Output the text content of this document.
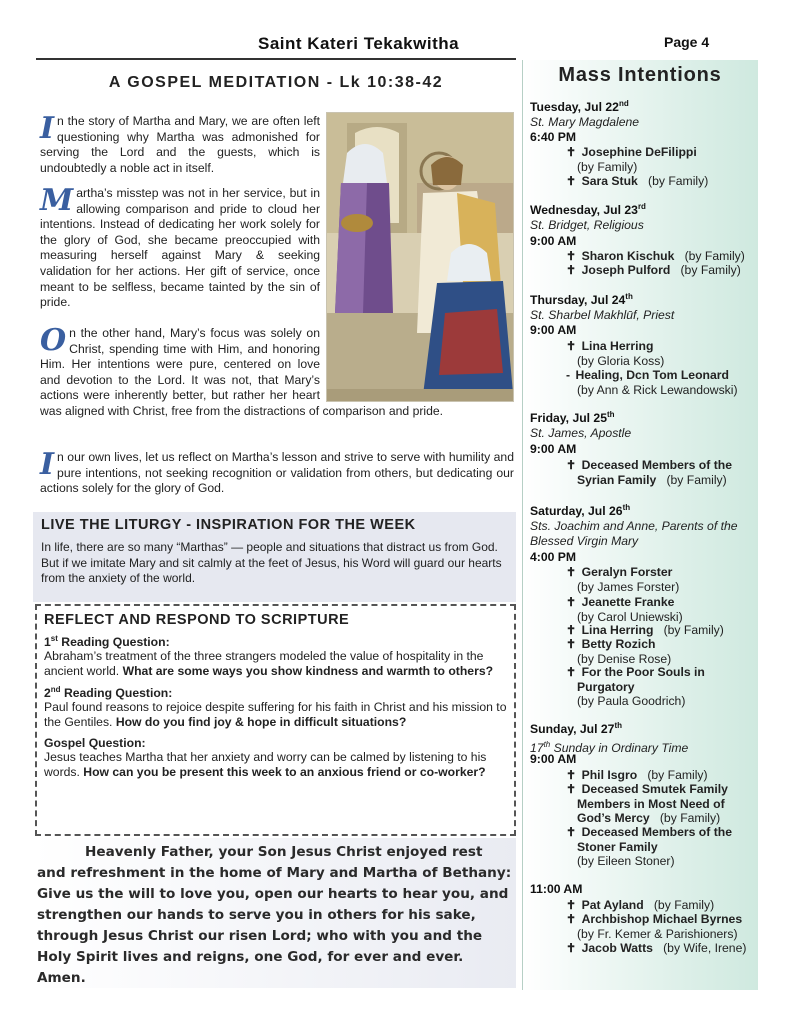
Saint Kateri Tekakwitha	Page 4
A GOSPEL MEDITATION - Lk 10:38-42
In the story of Martha and Mary, we are often left questioning why Martha was admonished for serving the Lord and the guests, which is undoubtedly a noble act in itself.
Martha’s misstep was not in her service, but in allowing comparison and pride to cloud her intentions. Instead of dedicating her work solely for the glory of God, she became preoccupied with measuring herself against Mary & seeking validation for her actions. Her gift of service, once meant to be selfless, became tainted by the sin of pride.
On the other hand, Mary’s focus was solely on Christ, spending time with Him, and honoring Him. Her intentions were pure, centered on love and devotion to the Lord. It was not, that Mary’s actions were inherently better, but rather her heart was aligned with Christ, free from the distractions of comparison and pride.
In our own lives, let us reflect on Martha’s lesson and strive to serve with humility and pure intentions, not seeking recognition or validation from others, but dedicating our actions solely for the glory of God.
LIVE THE LITURGY - INSPIRATION FOR THE WEEK
In life, there are so many “Marthas” — people and situations that distract us from God. But if we imitate Mary and sit calmly at the feet of Jesus, his Word will guard our hearts from the anxiety of the world.
REFLECT AND RESPOND TO SCRIPTURE
1st Reading Question:
Abraham’s treatment of the three strangers modeled the value of hospitality in the ancient world. What are some ways you show kindness and warmth to others?
2nd Reading Question:
Paul found reasons to rejoice despite suffering for his faith in Christ and his mission to the Gentiles. How do you find joy & hope in difficult situations?
Gospel Question:
Jesus teaches Martha that her anxiety and worry can be calmed by listening to his words. How can you be present this week to an anxious friend or co-worker?
Heavenly Father, your Son Jesus Christ enjoyed rest and refreshment in the home of Mary and Martha of Bethany: Give us the will to love you, open our hearts to hear you, and strengthen our hands to serve you in others for his sake, through Jesus Christ our risen Lord; who with you and the Holy Spirit lives and reigns, one God, for ever and ever. Amen.
Mass Intentions
Tuesday, Jul 22nd
St. Mary Magdalene
6:40 PM
✝ Josephine DeFilippi
(by Family)
✝ Sara Stuk (by Family)
Wednesday, Jul 23rd
St. Bridget, Religious
9:00 AM
✝ Sharon Kischuk (by Family)
✝ Joseph Pulford (by Family)
Thursday, Jul 24th
St. Sharbel Makhlūf, Priest
9:00 AM
✝ Lina Herring
(by Gloria Koss)
- Healing, Dcn Tom Leonard
(by Ann & Rick Lewandowski)
Friday, Jul 25th
St. James, Apostle
9:00 AM
✝ Deceased Members of the
Syrian Family (by Family)
Saturday, Jul 26th
Sts. Joachim and Anne, Parents of the Blessed Virgin Mary
4:00 PM
✝ Geralyn Forster
(by James Forster)
✝ Jeanette Franke
(by Carol Uniewski)
✝ Lina Herring (by Family)
✝ Betty Rozich
(by Denise Rose)
✝ For the Poor Souls in
Purgatory
(by Paula Goodrich)
Sunday, Jul 27th
17th Sunday in Ordinary Time
9:00 AM
✝ Phil Isgro (by Family)
✝ Deceased Smutek Family
Members in Most Need of
God’s Mercy (by Family)
✝ Deceased Members of the
Stoner Family
(by Eileen Stoner)
11:00 AM
✝ Pat Ayland (by Family)
✝ Archbishop Michael Byrnes
(by Fr. Kemer & Parishioners)
✝ Jacob Watts (by Wife, Irene)
